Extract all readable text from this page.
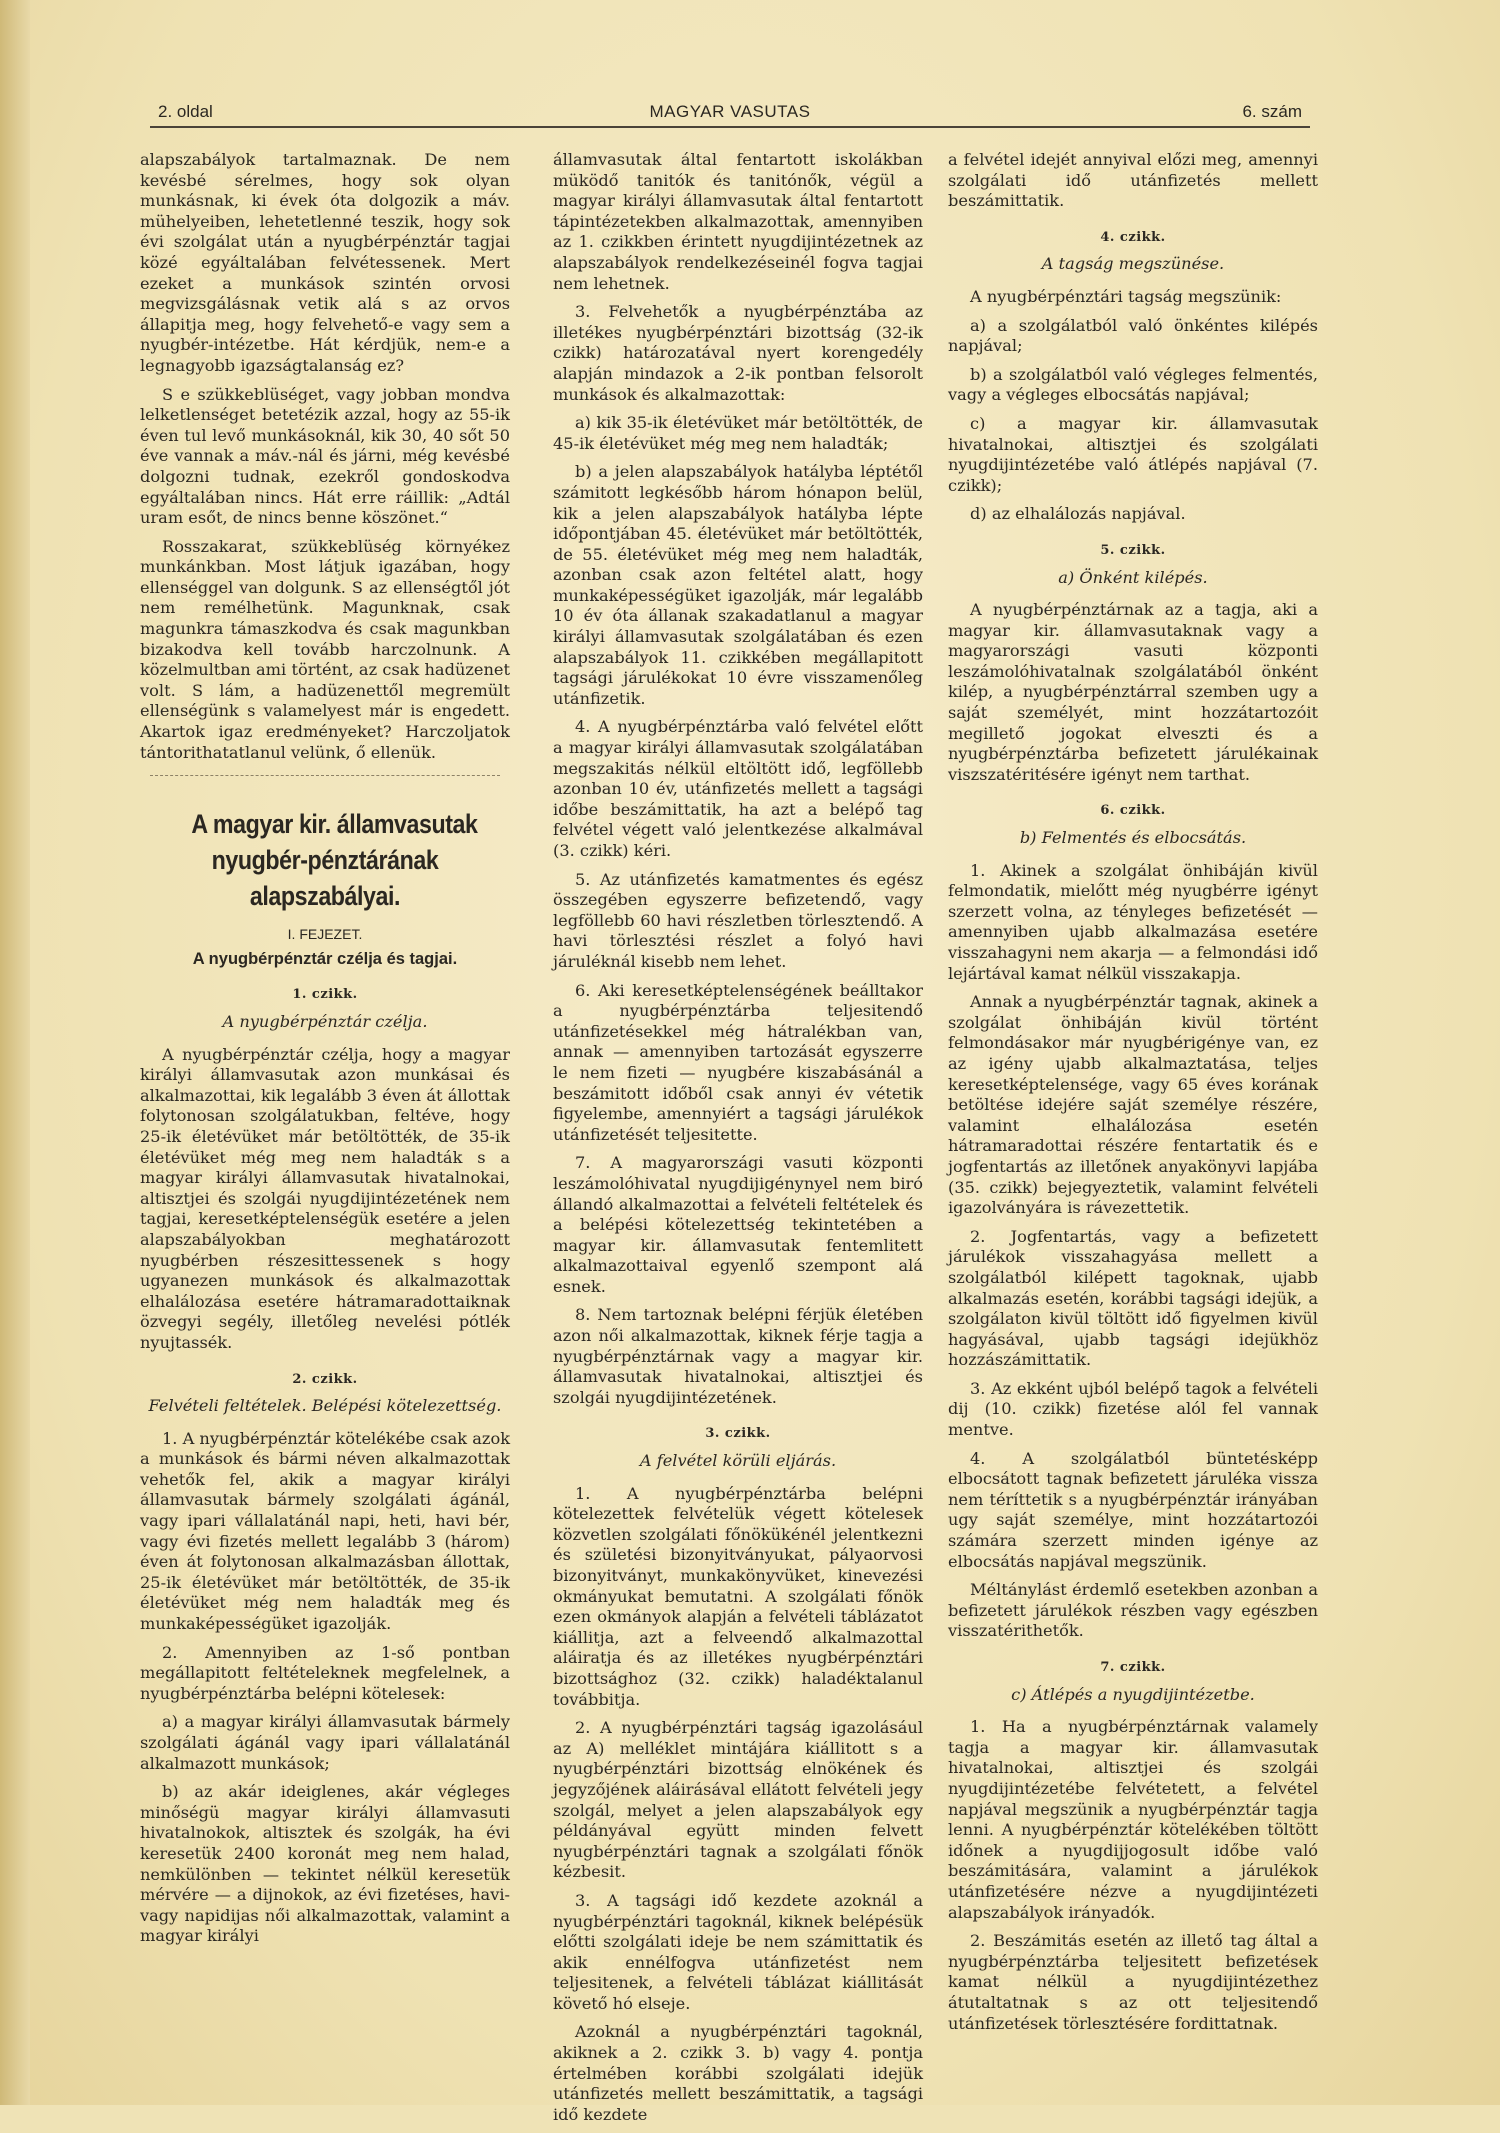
MAGYAR VASUTAS
2. oldal	6. szám

alapszabályok tartalmaznak. De nem kevésbé sérelmes, hogy sok olyan munkásnak, ki évek óta dolgozik a máv. mühelyeiben, lehetetlenné teszik, hogy sok évi szolgálat után a nyugbérpénztár tagjai közé egyáltalában felvétessenek. Mert ezeket a munkások szintén orvosi megvizsgálásnak vetik alá s az orvos állapitja meg, hogy felvehető-e vagy sem a nyugbér-intézetbe. Hát kérdjük, nem-e a legnagyobb igazságtalanság ez?

S e szükkeblüséget, vagy jobban mondva lelketlenséget betetézik azzal, hogy az 55-ik éven tul levő munkásoknál, kik 30, 40 sőt 50 éve vannak a máv.-nál és járni, még kevésbé dolgozni tudnak, ezekről gondoskodva egyáltalában nincs. Hát erre ráillik: „Adtál uram esőt, de nincs benne köszönet.“

Rosszakarat, szükkeblüség környékez munkánkban. Most látjuk igazában, hogy ellenséggel van dolgunk. S az ellenségtől jót nem remélhetünk. Magunknak, csak magunkra támaszkodva és csak magunkban bizakodva kell tovább harczolnunk. A közelmultban ami történt, az csak hadüzenet volt. S lám, a hadüzenettől megremült ellenségünk s valamelyest már is engedett. Akartok igaz eredményeket? Harczoljatok tántorithatatlanul velünk, ő ellenük.

A magyar kir. államvasutak nyugbér-pénztárának alapszabályai.

I. FEJEZET.

A nyugbérpénztár czélja és tagjai.

1. czikk.

A nyugbérpénztár czélja.

A nyugbérpénztár czélja, hogy a magyar királyi államvasutak azon munkásai és alkalmazottai, kik legalább 3 éven át állottak folytonosan szolgálatukban, feltéve, hogy 25-ik életévüket már betöltötték, de 35-ik életévüket még meg nem haladták s a magyar királyi államvasutak hivatalnokai, altisztjei és szolgái nyugdijintézetének nem tagjai, keresetképtelenségük esetére a jelen alapszabályokban meghatározott nyugbérben részesittessenek s hogy ugyanezen munkások és alkalmazottak elhalálozása esetére hátramaradottaiknak özvegyi segély, illetőleg nevelési pótlék nyujtassék.

2. czikk.

Felvételi feltételek. Belépési kötelezettség.

1. A nyugbérpénztár kötelékébe csak azok a munkások és bármi néven alkalmazottak vehetők fel, akik a magyar királyi államvasutak bármely szolgálati ágánál, vagy ipari vállalatánál napi, heti, havi bér, vagy évi fizetés mellett legalább 3 (három) éven át folytonosan alkalmazásban állottak, 25-ik életévüket már betöltötték, de 35-ik életévüket még nem haladták meg és munkaképességüket igazolják.

2. Amennyiben az 1-ső pontban megállapitott feltételeknek megfelelnek, a nyugbérpénztárba belépni kötelesek:

a) a magyar királyi államvasutak bármely szolgálati ágánál vagy ipari vállalatánál alkalmazott munkások;

b) az akár ideiglenes, akár végleges minőségü magyar királyi államvasuti hivatalnokok, altisztek és szolgák, ha évi keresetük 2400 koronát meg nem halad, nemkülönben — tekintet nélkül keresetük mérvére — a dijnokok, az évi fizetéses, havi- vagy napidijas női alkalmazottak, valamint a magyar királyi

államvasutak által fentartott iskolákban müködő tanitók és tanitónők, végül a magyar királyi államvasutak által fentartott tápintézetekben alkalmazottak, amennyiben az 1. czikkben érintett nyugdijintézetnek az alapszabályok rendelkezéseinél fogva tagjai nem lehetnek.

3. Felvehetők a nyugbérpénztába az illetékes nyugbérpénztári bizottság (32-ik czikk) határozatával nyert korengedély alapján mindazok a 2-ik pontban felsorolt munkások és alkalmazottak:

a) kik 35-ik életévüket már betöltötték, de 45-ik életévüket még meg nem haladták;

b) a jelen alapszabályok hatályba léptétől számitott legkésőbb három hónapon belül, kik a jelen alapszabályok hatályba lépte időpontjában 45. életévüket már betöltötték, de 55. életévüket még meg nem haladták, azonban csak azon feltétel alatt, hogy munkaképességüket igazolják, már legalább 10 év óta állanak szakadatlanul a magyar királyi államvasutak szolgálatában és ezen alapszabályok 11. czikkében megállapitott tagsági járulékokat 10 évre visszamenőleg utánfizetik.

4. A nyugbérpénztárba való felvétel előtt a magyar királyi államvasutak szolgálatában megszakitás nélkül eltöltött idő, legföllebb azonban 10 év, utánfizetés mellett a tagsági időbe beszámittatik, ha azt a belépő tag felvétel végett való jelentkezése alkalmával (3. czikk) kéri.

5. Az utánfizetés kamatmentes és egész összegében egyszerre befizetendő, vagy legföllebb 60 havi részletben törlesztendő. A havi törlesztési részlet a folyó havi járuléknál kisebb nem lehet.

6. Aki keresetképtelenségének beálltakor a nyugbérpénztárba teljesitendő utánfizetésekkel még hátralékban van, annak — amennyiben tartozását egyszerre le nem fizeti — nyugbére kiszabásánál a beszámitott időből csak annyi év vétetik figyelembe, amennyiért a tagsági járulékok utánfizetését teljesitette.

7. A magyarországi vasuti központi leszámolóhivatal nyugdijigénynyel nem biró állandó alkalmazottai a felvételi feltételek és a belépési kötelezettség tekintetében a magyar kir. államvasutak fentemlitett alkalmazottaival egyenlő szempont alá esnek.

8. Nem tartoznak belépni férjük életében azon női alkalmazottak, kiknek férje tagja a nyugbérpénztárnak vagy a magyar kir. államvasutak hivatalnokai, altisztjei és szolgái nyugdijintézetének.

3. czikk.

A felvétel körüli eljárás.

1. A nyugbérpénztárba belépni kötelezettek felvételük végett kötelesek közvetlen szolgálati főnökükénél jelentkezni és születési bizonyitványukat, pályaorvosi bizonyitványt, munkakönyvüket, kinevezési okmányukat bemutatni. A szolgálati főnök ezen okmányok alapján a felvételi táblázatot kiállitja, azt a felveendő alkalmazottal aláiratja és az illetékes nyugbérpénztári bizottsághoz (32. czikk) haladéktalanul továbbitja.

2. A nyugbérpénztári tagság igazolásául az A) melléklet mintájára kiállitott s a nyugbérpénztári bizottság elnökének és jegyzőjének aláirásával ellátott felvételi jegy szolgál, melyet a jelen alapszabályok egy példányával együtt minden felvett nyugbérpénztári tagnak a szolgálati főnök kézbesit.

3. A tagsági idő kezdete azoknál a nyugbérpénztári tagoknál, kiknek belépésük előtti szolgálati ideje be nem számittatik és akik ennélfogva utánfizetést nem teljesitenek, a felvételi táblázat kiállitását követő hó elseje.

Azoknál a nyugbérpénztári tagoknál, akiknek a 2. czikk 3. b) vagy 4. pontja értelmében korábbi szolgálati idejük utánfizetés mellett beszámittatik, a tagsági idő kezdete

a felvétel idejét annyival előzi meg, amennyi szolgálati idő utánfizetés mellett beszámittatik.

4. czikk.

A tagság megszünése.

A nyugbérpénztári tagság megszünik:

a) a szolgálatból való önkéntes kilépés napjával;

b) a szolgálatból való végleges felmentés, vagy a végleges elbocsátás napjával;

c) a magyar kir. államvasutak hivatalnokai, altisztjei és szolgálati nyugdijintézetébe való átlépés napjával (7. czikk);

d) az elhalálozás napjával.

5. czikk.

a) Önként kilépés.

A nyugbérpénztárnak az a tagja, aki a magyar kir. államvasutaknak vagy a magyarországi vasuti központi leszámolóhivatalnak szolgálatából önként kilép, a nyugbérpénztárral szemben ugy a saját személyét, mint hozzátartozóit megillető jogokat elveszti és a nyugbérpénztárba befizetett járulékainak viszszatéritésére igényt nem tarthat.

6. czikk.

b) Felmentés és elbocsátás.

1. Akinek a szolgálat önhibáján kivül felmondatik, mielőtt még nyugbérre igényt szerzett volna, az tényleges befizetését — amennyiben ujabb alkalmazása esetére visszahagyni nem akarja — a felmondási idő lejártával kamat nélkül visszakapja.

Annak a nyugbérpénztár tagnak, akinek a szolgálat önhibáján kivül történt felmondásakor már nyugbérigénye van, ez az igény ujabb alkalmaztatása, teljes keresetképtelensége, vagy 65 éves korának betöltése idejére saját személye részére, valamint elhalálozása esetén hátramaradottai részére fentartatik és e jogfentartás az illetőnek anyakönyvi lapjába (35. czikk) bejegyeztetik, valamint felvételi igazolványára is rávezettetik.

2. Jogfentartás, vagy a befizetett járulékok visszahagyása mellett a szolgálatból kilépett tagoknak, ujabb alkalmazás esetén, korábbi tagsági idejük, a szolgálaton kivül töltött idő figyelmen kivül hagyásával, ujabb tagsági idejükhöz hozzászámittatik.

3. Az ekként ujból belépő tagok a felvételi dij (10. czikk) fizetése alól fel vannak mentve.

4. A szolgálatból büntetésképp elbocsátott tagnak befizetett járuléka vissza nem téríttetik s a nyugbérpénztár irányában ugy saját személye, mint hozzátartozói számára szerzett minden igénye az elbocsátás napjával megszünik.

Méltánylást érdemlő esetekben azonban a befizetett járulékok részben vagy egészben visszatérithetők.

7. czikk.

c) Átlépés a nyugdijintézetbe.

1. Ha a nyugbérpénztárnak valamely tagja a magyar kir. államvasutak hivatalnokai, altisztjei és szolgái nyugdijintézetébe felvétetett, a felvétel napjával megszünik a nyugbérpénztár tagja lenni. A nyugbérpénztár kötelékében töltött időnek a nyugdijjogosult időbe való beszámitására, valamint a járulékok utánfizetésére nézve a nyugdijintézeti alapszabályok irányadók.

2. Beszámitás esetén az illető tag által a nyugbérpénztárba teljesitett befizetések kamat nélkül a nyugdijintézethez átutaltatnak s az ott teljesitendő utánfizetések törlesztésére fordittatnak.
